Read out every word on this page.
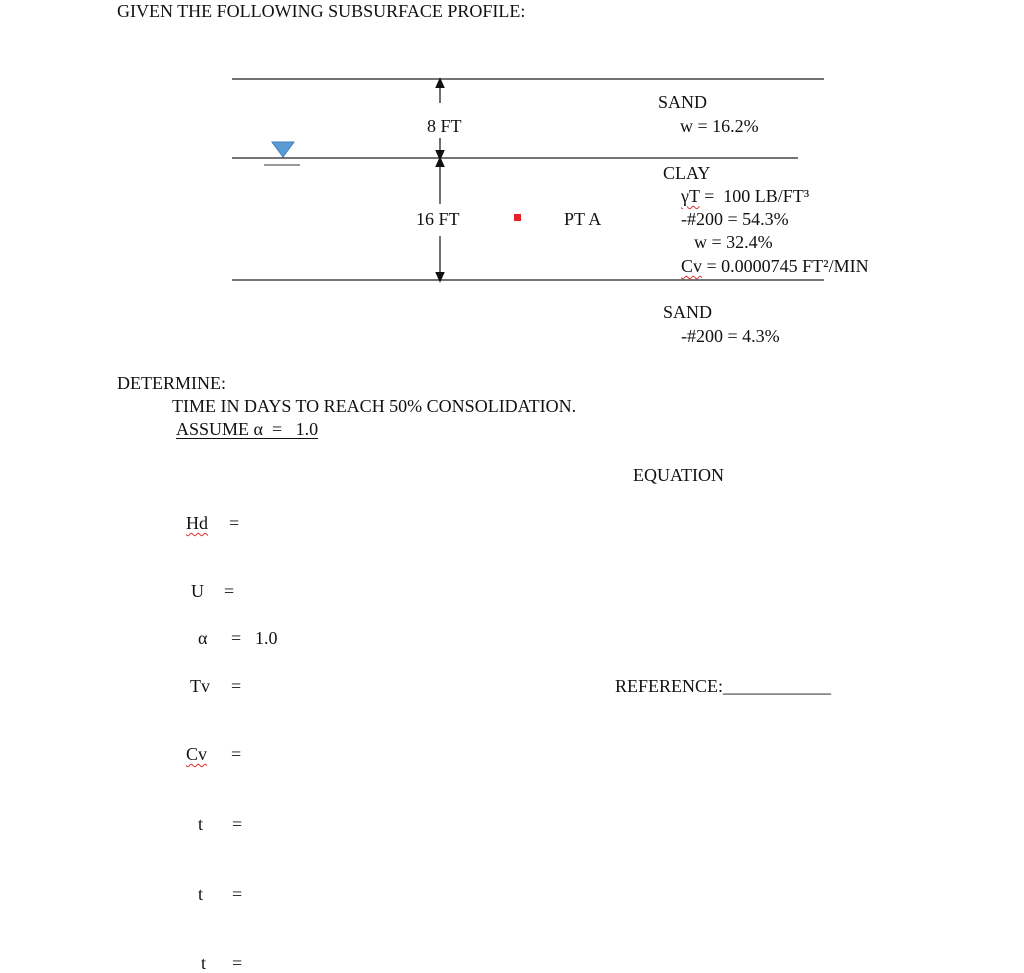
GIVEN THE FOLLOWING SUBSURFACE PROFILE:
8 FT
16 FT	PT A
SAND
w = 16.2%
CLAY
γT =  100 LB/FT³
-#200 = 54.3%
w = 32.4%
Cv = 0.0000745 FT²/MIN
SAND
-#200 = 4.3%
DETERMINE:
TIME IN DAYS TO REACH 50% CONSOLIDATION.
ASSUME α  =   1.0
EQUATION
REFERENCE:____________
Hd =
U =
α = 1.0
Tv =
Cv =
t =
t =
t =
